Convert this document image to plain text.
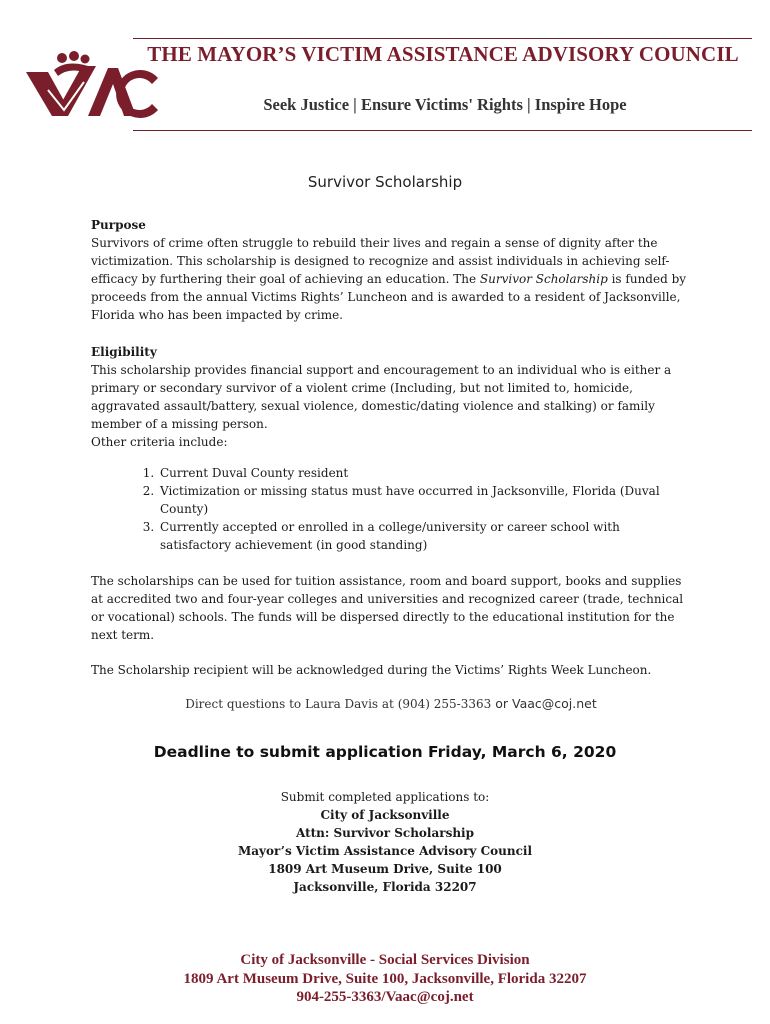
THE MAYOR’S VICTIM ASSISTANCE ADVISORY COUNCIL
Seek Justice | Ensure Victims' Rights | Inspire Hope
Survivor Scholarship

Purpose

Survivors of crime often struggle to rebuild their lives and regain a sense of dignity after the victimization. This scholarship is designed to recognize and assist individuals in achieving self-efficacy by furthering their goal of achieving an education. The Survivor Scholarship is funded by proceeds from the annual Victims Rights’ Luncheon and is awarded to a resident of Jacksonville, Florida who has been impacted by crime.

Eligibility

This scholarship provides financial support and encouragement to an individual who is either a primary or secondary survivor of a violent crime (Including, but not limited to, homicide, aggravated assault/battery, sexual violence, domestic/dating violence and stalking) or family member of a missing person.

Other criteria include:

1. Current Duval County resident
2. Victimization or missing status must have occurred in Jacksonville, Florida (Duval County)
3. Currently accepted or enrolled in a college/university or career school with satisfactory achievement (in good standing)

The scholarships can be used for tuition assistance, room and board support, books and supplies at accredited two and four-year colleges and universities and recognized career (trade, technical or vocational) schools. The funds will be dispersed directly to the educational institution for the next term.

The Scholarship recipient will be acknowledged during the Victims’ Rights Week Luncheon.

Direct questions to Laura Davis at (904) 255-3363 or Vaac@coj.net

Deadline to submit application Friday, March 6, 2020
Submit completed applications to:
City of Jacksonville
Attn: Survivor Scholarship
Mayor’s Victim Assistance Advisory Council
1809 Art Museum Drive, Suite 100
Jacksonville, Florida 32207
City of Jacksonville - Social Services Division
1809 Art Museum Drive, Suite 100, Jacksonville, Florida 32207
904-255-3363/Vaac@coj.net
